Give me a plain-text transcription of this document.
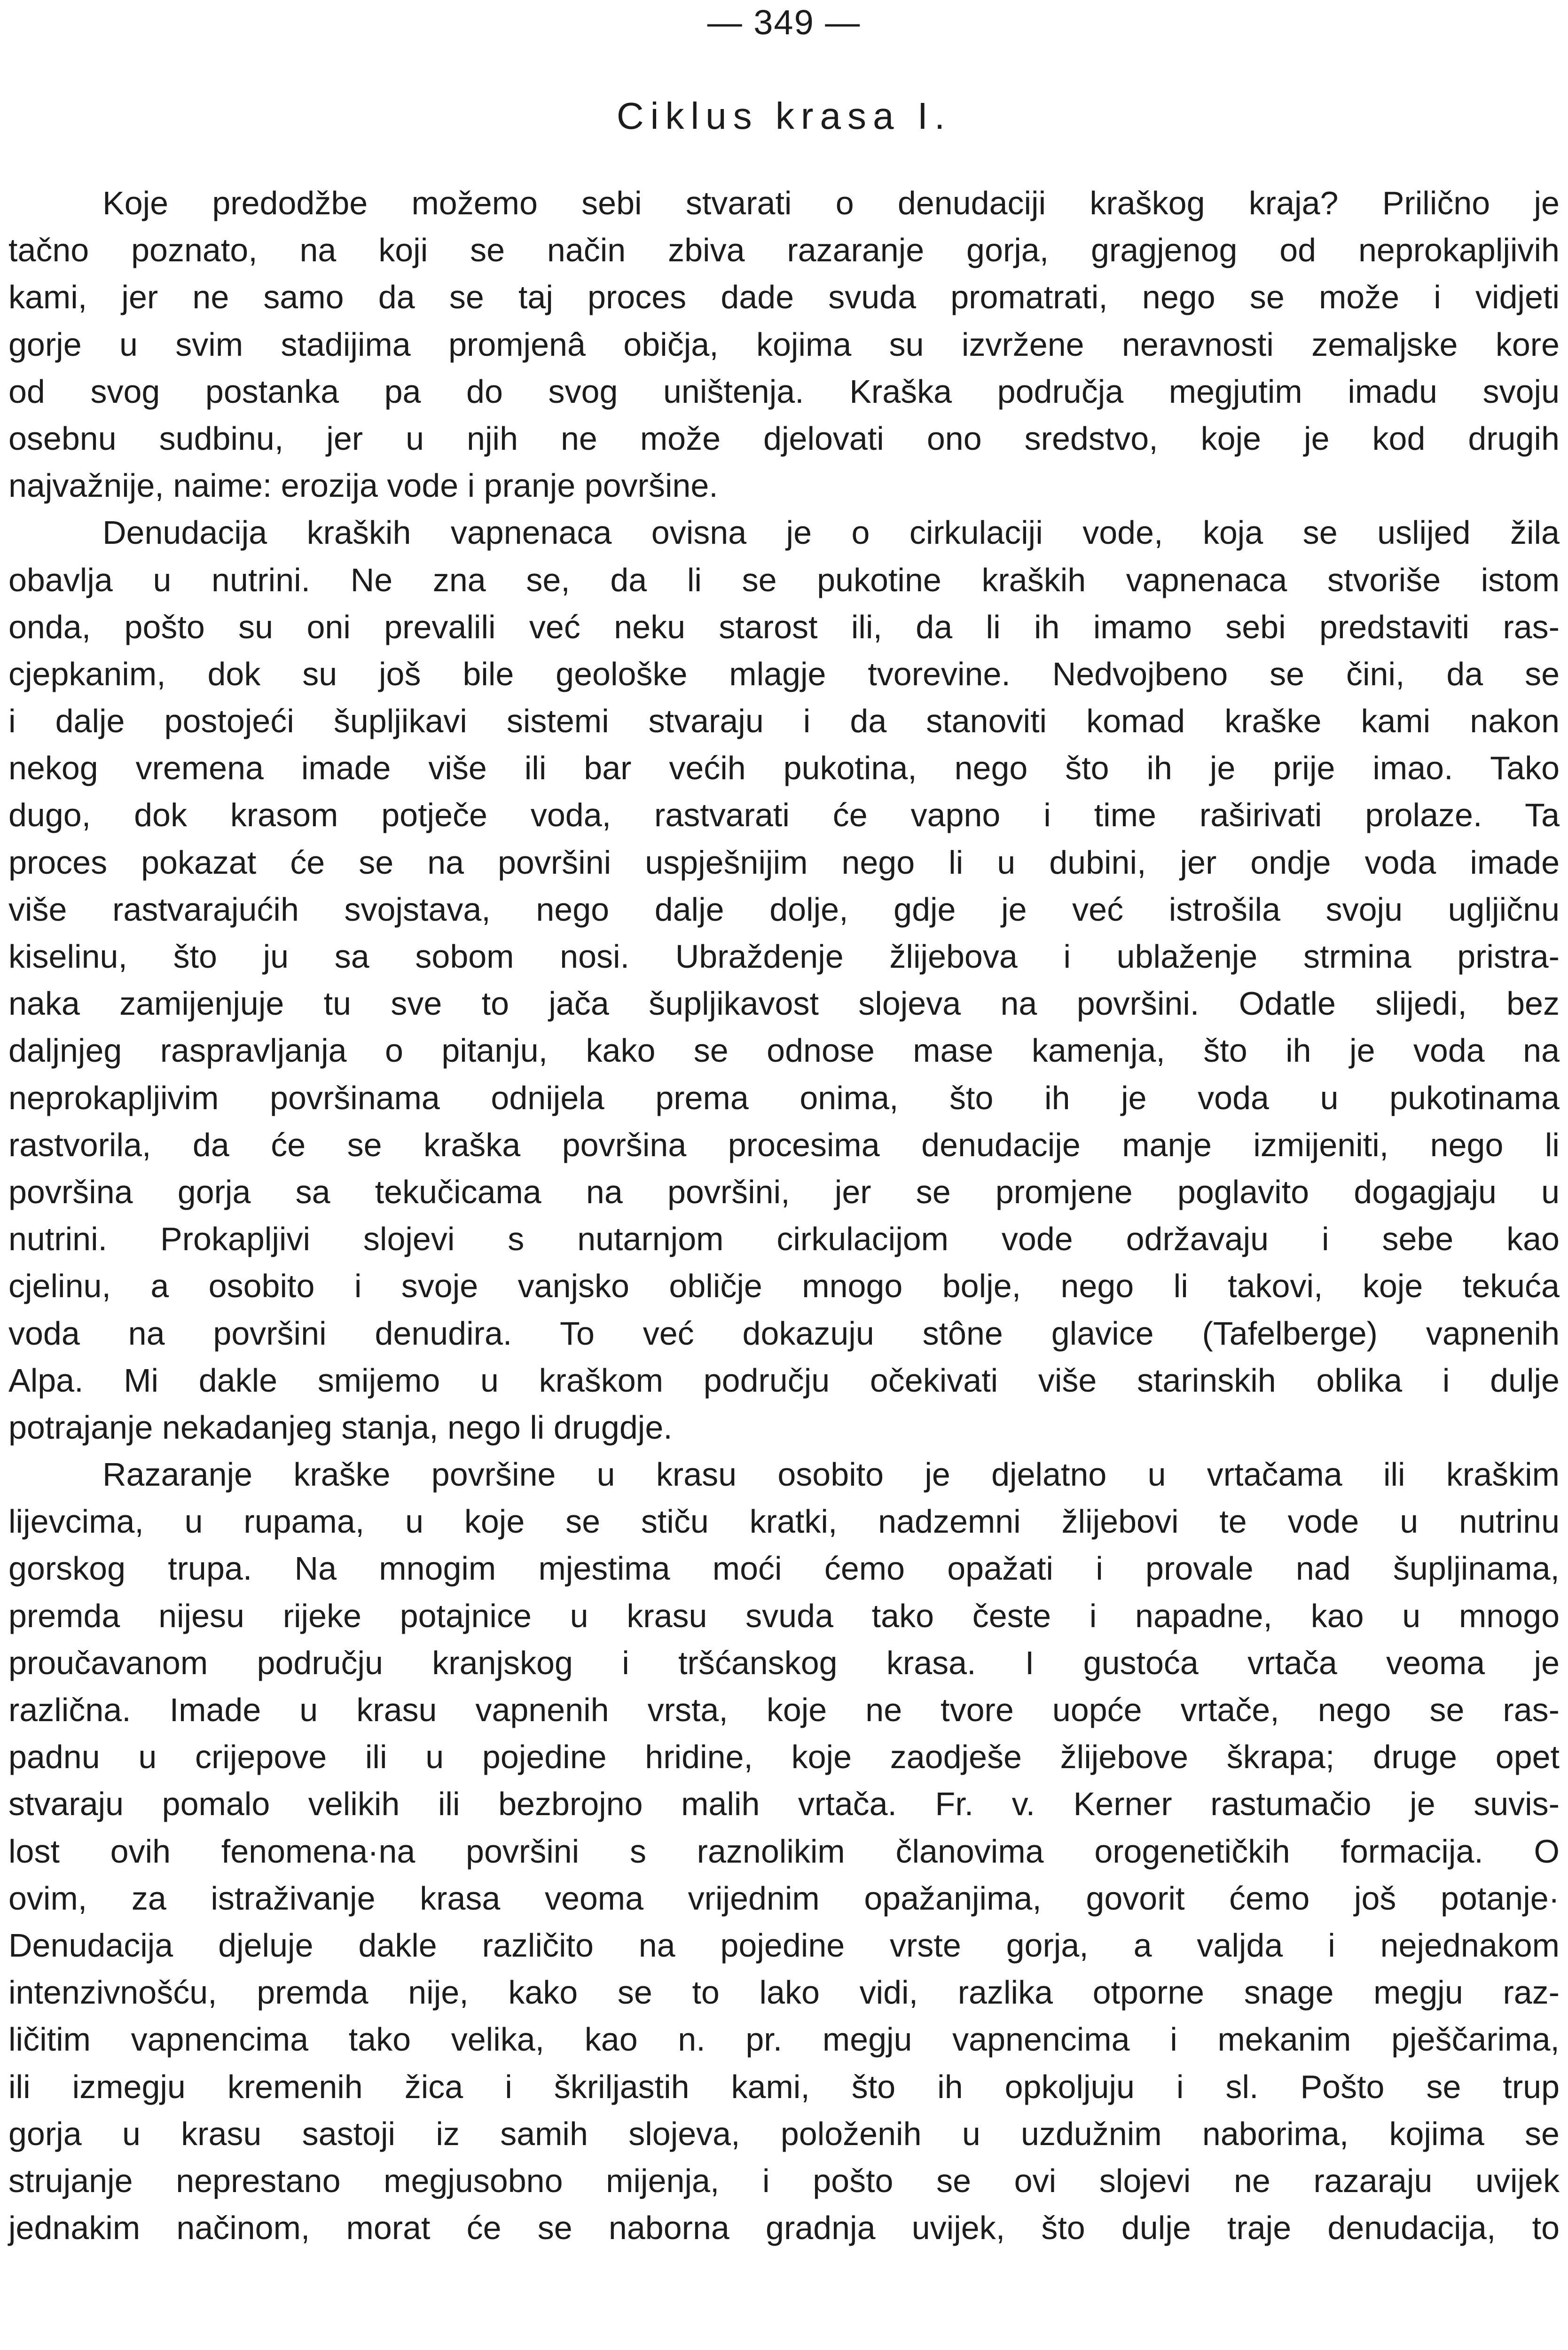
— 349 —
Ciklus krasa I.
Koje predodžbe možemo sebi stvarati o denudaciji kraškog kraja? Prilično je
tačno poznato, na koji se način zbiva razaranje gorja, gragjenog od neprokapljivih
kami, jer ne samo da se taj proces dade svuda promatrati, nego se može i vidjeti
gorje u svim stadijima promjenâ običja, kojima su izvržene neravnosti zemaljske kore
od svog postanka pa do svog uništenja. Kraška područja megjutim imadu svoju
osebnu sudbinu, jer u njih ne može djelovati ono sredstvo, koje je kod drugih
najvažnije, naime: erozija vode i pranje površine.
Denudacija kraških vapnenaca ovisna je o cirkulaciji vode, koja se uslijed žila
obavlja u nutrini. Ne zna se, da li se pukotine kraških vapnenaca stvoriše istom
onda, pošto su oni prevalili već neku starost ili, da li ih imamo sebi predstaviti ras-
cjepkanim, dok su još bile geološke mlagje tvorevine. Nedvojbeno se čini, da se
i dalje postojeći šupljikavi sistemi stvaraju i da stanoviti komad kraške kami nakon
nekog vremena imade više ili bar većih pukotina, nego što ih je prije imao. Tako
dugo, dok krasom potječe voda, rastvarati će vapno i time raširivati prolaze. Ta
proces pokazat će se na površini uspješnijim nego li u dubini, jer ondje voda imade
više rastvarajućih svojstava, nego dalje dolje, gdje je već istrošila svoju ugljičnu
kiselinu, što ju sa sobom nosi. Ubraždenje žlijebova i ublaženje strmina pristra-
naka zamijenjuje tu sve to jača šupljikavost slojeva na površini. Odatle slijedi, bez
daljnjeg raspravljanja o pitanju, kako se odnose mase kamenja, što ih je voda na
neprokapljivim površinama odnijela prema onima, što ih je voda u pukotinama
rastvorila, da će se kraška površina procesima denudacije manje izmijeniti, nego li
površina gorja sa tekučicama na površini, jer se promjene poglavito dogagjaju u
nutrini. Prokapljivi slojevi s nutarnjom cirkulacijom vode održavaju i sebe kao
cjelinu, a osobito i svoje vanjsko obličje mnogo bolje, nego li takovi, koje tekuća
voda na površini denudira. To već dokazuju stône glavice (Tafelberge) vapnenih
Alpa. Mi dakle smijemo u kraškom području očekivati više starinskih oblika i dulje
potrajanje nekadanjeg stanja, nego li drugdje.
Razaranje kraške površine u krasu osobito je djelatno u vrtačama ili kraškim
lijevcima, u rupama, u koje se stiču kratki, nadzemni žlijebovi te vode u nutrinu
gorskog trupa. Na mnogim mjestima moći ćemo opažati i provale nad šupljinama,
premda nijesu rijeke potajnice u krasu svuda tako česte i napadne, kao u mnogo
proučavanom području kranjskog i tršćanskog krasa. I gustoća vrtača veoma je
različna. Imade u krasu vapnenih vrsta, koje ne tvore uopće vrtače, nego se ras-
padnu u crijepove ili u pojedine hridine, koje zaodješe žlijebove škrapa; druge opet
stvaraju pomalo velikih ili bezbrojno malih vrtača. Fr. v. Kerner rastumačio je suvis-
lost ovih fenomena·na površini s raznolikim članovima orogenetičkih formacija. O
ovim, za istraživanje krasa veoma vrijednim opažanjima, govorit ćemo još potanje·
Denudacija djeluje dakle različito na pojedine vrste gorja, a valjda i nejednakom
intenzivnošću, premda nije, kako se to lako vidi, razlika otporne snage megju raz-
ličitim vapnencima tako velika, kao n. pr. megju vapnencima i mekanim pješčarima,
ili izmegju kremenih žica i škriljastih kami, što ih opkoljuju i sl. Pošto se trup
gorja u krasu sastoji iz samih slojeva, položenih u uzdužnim naborima, kojima se
strujanje neprestano megjusobno mijenja, i pošto se ovi slojevi ne razaraju uvijek
jednakim načinom, morat će se naborna gradnja uvijek, što dulje traje denudacija, to
